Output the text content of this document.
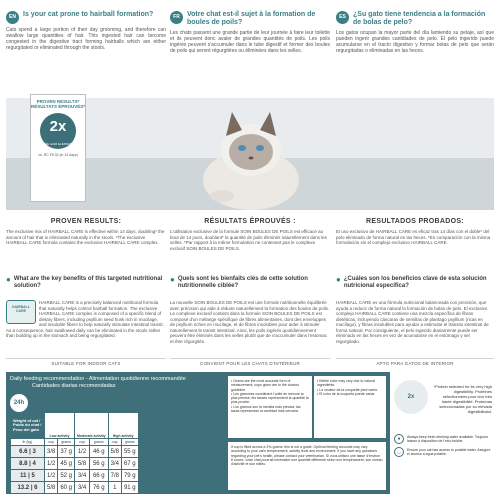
EN	Is your cat prone to hairball formation?

Cats spend a large portion of their day grooming, and therefore can swallow large quantities of hair. This ingested hair can become congested in the digestive tract forming hairballs which are either regurgitated or eliminated through the stools.

FR	Votre chat est-il sujet à la formation de boules de poils?

Les chats passent une grande partie de leur journée à faire leur toilette et ils peuvent donc avaler de grandes quantités de poils. Les poils ingérés peuvent s'accumuler dans le tube digestif et former des boules de poils qui seront régurgitées ou éliminées dans les selles.

ES	¿Su gato tiene tendencia a la formación de bolas de pelo?

Los gatos ocupan la mayor parte del día lamiendo su pelaje, así que pueden ingerir grandes cantidades de pelo. El pelo ingerido puede acumularse en el tracto digestivo y formar bolas de pelo que serán regurgitadas o eliminadas en las heces.

PROVEN RESULTS* RÉSULTATS ÉPROUVÉS*
2x
MORE HAIR ELIMINATED
vs. RC Fit 32 (in 14 days)
PROVEN RESULTS:

The exclusive mix of HAIRBALL CARE is effective within 14 days, doubling* the amount of hair that is eliminated naturally in the stools. *The exclusive HAIRBALL CARE formula contains the exclusive HAIRBALL CARE complex.

RÉSULTATS ÉPROUVÉS :

L'utilisation exclusive de la formule SOIN BOULES DE POILS est efficace au bout de 14 jours, doublant* la quantité de poils éliminés naturellement dans les selles. *Par rapport à la même formulation ne contenant pas le complexe exclusif SOIN BOULES DE POILS.

RESULTADOS PROBADOS:

El uso exclusivo de HAIRBALL CARE es eficaz tras 14 días con el doble* del pelo eliminado de forma natural en las heces. *En comparación con la misma formulación sin el complejo exclusivo HAIRBALL CARE.

● What are the key benefits of this targeted nutritional solution?
● Quels sont les bienfaits clés de cette solution nutritionnelle ciblée?
● ¿Cuáles son los beneficios clave de esta solución nutricional específica?
HAIRBALL CARE

HAIRBALL CARE is a precisely balanced nutritional formula that naturally helps control hairball formation. The exclusive HAIRBALL CARE complex is composed of a specific blend of dietary fibers, including psyllium seed husk rich in mucilage, and insoluble fibers to help naturally stimulate intestinal transit. As a consequence, hair swallowed daily can be eliminated in the stools rather than building up in the stomach and being regurgitated.

La nouvelle SOIN BOULES DE POILS est une formule nutritionnelle équilibrée avec précision qui aide à réduire naturellement la formation des boules de poils. Le complexe exclusif contient dans la formule SOIN BOULES DE POILS est composé d'un mélange spécifique de fibres alimentaires, dont des enveloppes de psyllium riches en mucilage, et de fibres insolubles pour aider à stimuler naturellement le transit intestinal. Ainsi, les poils ingérés quotidiennement peuvent être éliminés dans les selles plutôt que de s'accumuler dans l'estomac et être régurgités.

HAIRBALL CARE es una fórmula nutricional balanceada con precisión, que ayuda a reducir de forma natural la formación de bolas de pelo. El exclusivo complejo HAIRBALL CARE contiene una mezcla específica de fibras dietéticas, incluyendo cáscaras de semillas de plantago psyllium (ricas en mucílago), y fibras insolubles para ayudar a estimular el tránsito intestinal de forma natural. Por consiguiente, el pelo ingerido diariamente puede ser eliminado en las heces en vez de acumularse en el estómago y ser regurgitado.

SUITABLE FOR INDOOR CATS	CONVIENT POUR LES CHATS D'INTÉRIEUR	APTO PARA GATOS DE INTERIOR
Daily feeding recommendation - Alimentation quotidienne recommandée
Cantidades diarias recomendadas
24h
Weight of cat / Poids du chat / Peso del gato	Low activity		Moderate activity		High activity	
lb (kg)	cup	grams	cup	grams	cup	grams
6.6 | 3	3/8	37 g	1/2	46 g	5/8	55 g
8.8 | 4	1/2	45 g	5/8	56 g	3/4	67 g
11 | 5	1/2	52 g	3/4	66 g	7/8	79 g
13.2 | 6	5/8	60 g	3/4	76 g	1	91 g
• Grams are the most accurate form of measurement, cups given are to the closest guideline.
• Les grammes constituent l'unité de mesure la plus précise; les tasses représentent la quantité la plus proche.
• Los gramos son la medida más precisa; las tazas representan la cantidad más cercana.
• Kibble color may vary due to natural ingredients.
• La couleur de la croquette peut varier.
• El color de la croqueta puede variar.

If cup is filled across a 3%-grams: this is not a guide. Optimal feeding amounts may vary according to your cat's temperament, activity level and environment. If you have any questions regarding your pet's health, please contact your veterinarian. Si vous utilisez une tasse d'environ 8 onces, votre chat pourrait nécessiter une quantité différente selon son tempérament, son niveau d'activité et son milieu.

2x
*Protein selected for its very high digestibility. Protéines sélectionnées pour leur très haute digestibilité. Proteínas seleccionadas por su elevada digestibilidad.
●	Always keep fresh drinking water available. Toujours laisser à disposition de l'eau fraîche.
◡	Ensure your cat has access to potable water. Asegure el acceso a agua potable.
